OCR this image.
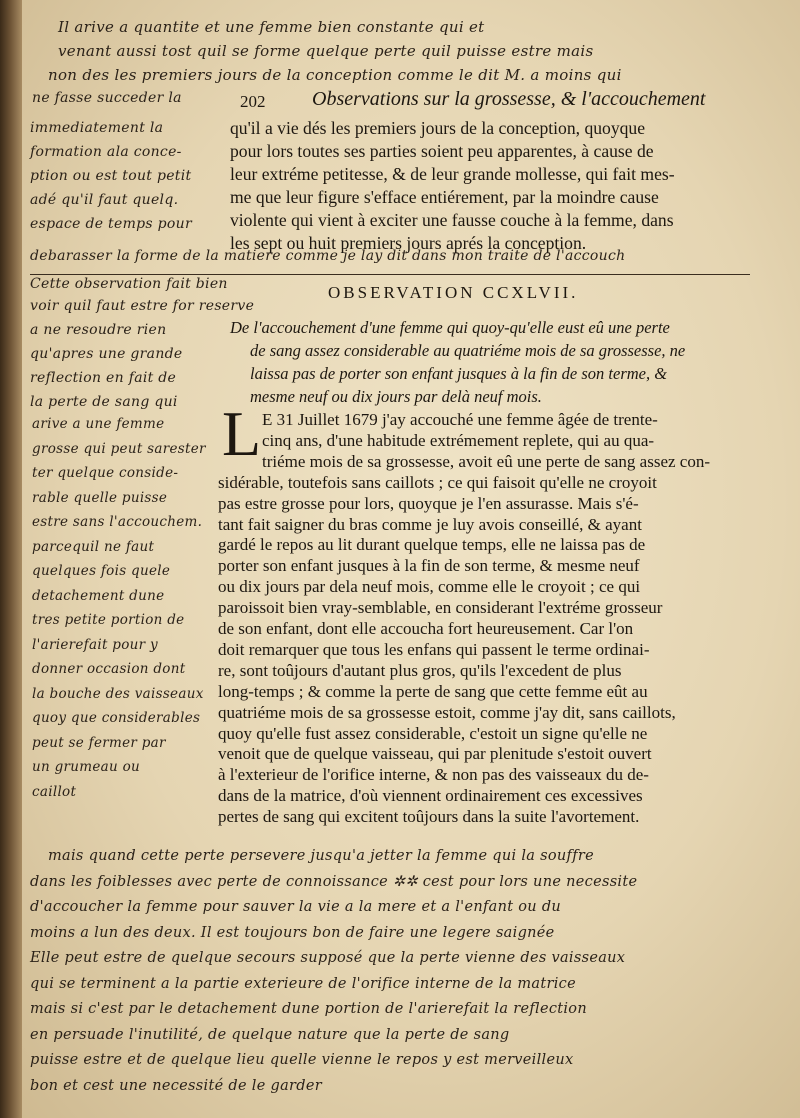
Il arive a quantite et une femme bien constante qui et
venant aussi tost quil se forme quelque perte quil puisse estre mais
non des les premiers jours de la conception comme le dit M. a moins qui
ne fasse succeder la	202 Observations sur la grossesse, & l'accouchement
qu'il a vie dés les premiers jours de la conception, quoyque
pour lors toutes ses parties soient peu apparentes, à cause de
leur extréme petitesse, & de leur grande mollesse, qui fait mes-
me que leur figure s'efface entiérement, par la moindre cause
violente qui vient à exciter une fausse couche à la femme, dans
les sept ou huit premiers jours aprés la conception.
immediatement la
formation ala conce-
ption ou est tout petit
adé qu'il faut quelq.
espace de temps pour
debarasser la forme de la matiere comme je lay dit dans mon traite de l'accouch
Cette observation fait bien
voir quil faut estre for reserve
OBSERVATION CCXLVII.
De l'accouchement d'une femme qui quoy-qu'elle eust eû une perte
de sang assez considerable au quatriéme mois de sa grossesse, ne
laissa pas de porter son enfant jusques à la fin de son terme, &
mesme neuf ou dix jours par delà neuf mois.
a ne resoudre rien
qu'apres une grande
reflection en fait de
la perte de sang qui L E 31 Juillet 1679 j'ay accouché une femme âgée de trente-
cinq ans, d'une habitude extrémement replete, qui au qua-
triéme mois de sa grossesse, avoit eû une perte de sang assez con-
sidérable, toutefois sans caillots ; ce qui faisoit qu'elle ne croyoit
pas estre grosse pour lors, quoyque je l'en assurasse. Mais s'é-
tant fait saigner du bras comme je luy avois conseillé, & ayant
gardé le repos au lit durant quelque temps, elle ne laissa pas de
porter son enfant jusques à la fin de son terme, & mesme neuf
ou dix jours par dela neuf mois, comme elle le croyoit ; ce qui
paroissoit bien vray-semblable, en considerant l'extréme grosseur
de son enfant, dont elle accoucha fort heureusement. Car l'on
doit remarquer que tous les enfans qui passent le terme ordinai-
re, sont toûjours d'autant plus gros, qu'ils l'excedent de plus
long-temps ; & comme la perte de sang que cette femme eût au
quatriéme mois de sa grossesse estoit, comme j'ay dit, sans caillots,
quoy qu'elle fust assez considerable, c'estoit un signe qu'elle ne
venoit que de quelque vaisseau, qui par plenitude s'estoit ouvert
à l'exterieur de l'orifice interne, & non pas des vaisseaux du de-
dans de la matrice, d'où viennent ordinairement ces excessives
pertes de sang qui excitent toûjours dans la suite l'avortement.
arive a une femme
grosse qui peut sarester
ter quelque conside-
rable quelle puisse
estre sans l'accouchem.
parcequil ne faut
quelques fois quele
detachement dune
tres petite portion de
l'arierefait pour y
donner occasion dont
la bouche des vaisseaux
quoy que considerables
peut se fermer par
un grumeau ou
caillot
mais quand cette perte persevere jusqu'a jetter la femme qui la souffre
dans les foiblesses avec perte de connoissance ✲✲ cest pour lors une necessite
d'accoucher la femme pour sauver la vie a la mere et a l'enfant ou du
moins a lun des deux. Il est toujours bon de faire une legere saignée
Elle peut estre de quelque secours supposé que la perte vienne des vaisseaux
qui se terminent a la partie exterieure de l'orifice interne de la matrice
mais si c'est par le detachement dune portion de l'arierefait la reflection
en persuade l'inutilité, de quelque nature que la perte de sang
puisse estre et de quelque lieu quelle vienne le repos y est merveilleux
bon et cest une necessité de le garder
